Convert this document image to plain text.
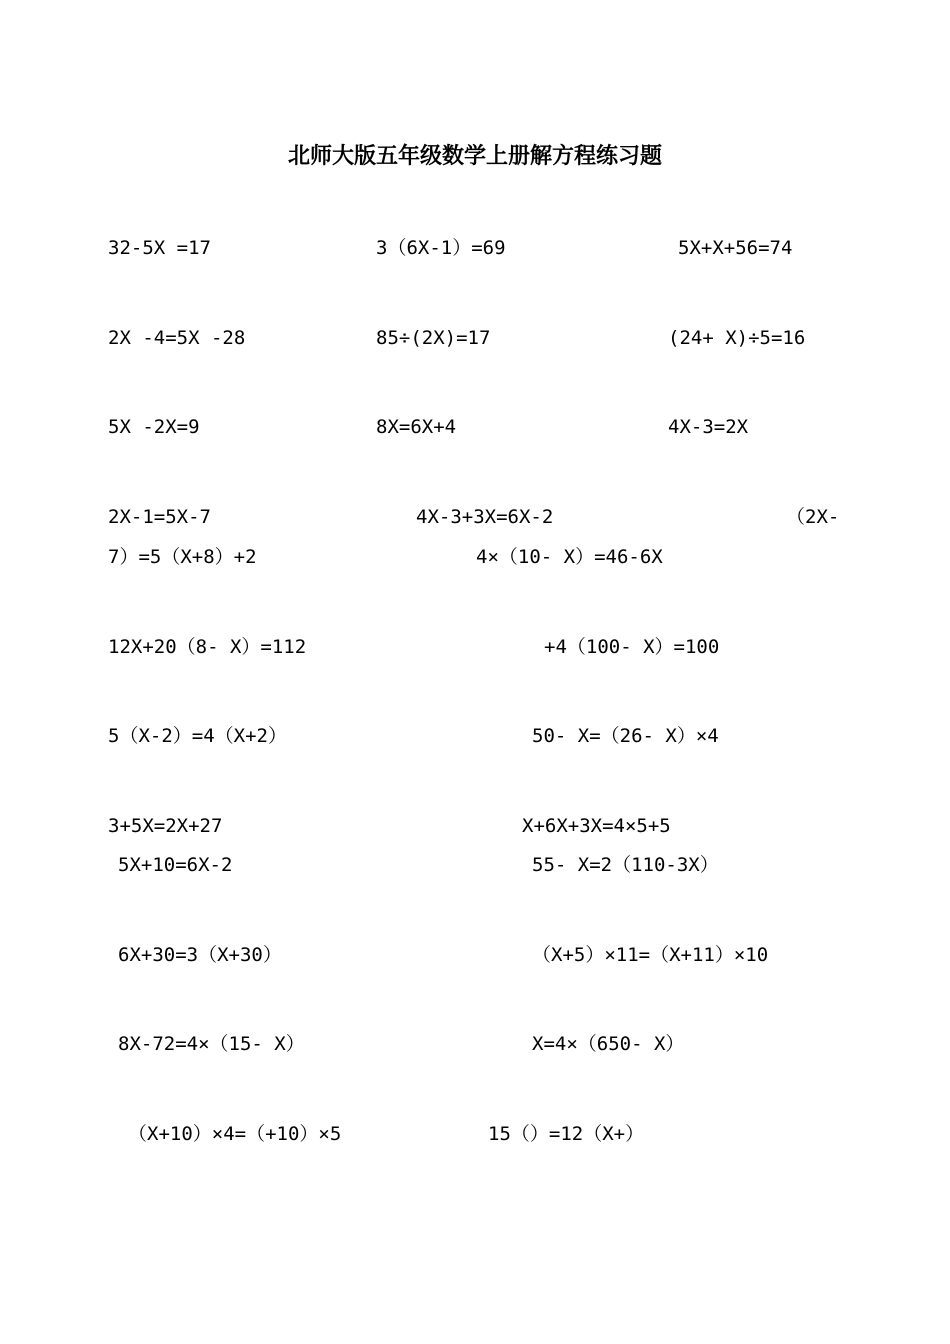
北师大版五年级数学上册解方程练习题
32-5X =17	3（6X-1）=69	5X+X+56=74
2X -4=5X -28	85÷(2X)=17	(24+ X)÷5=16
5X -2X=9	8X=6X+4	4X-3=2X
2X-1=5X-7	4X-3+3X=6X-2	（2X-
7）=5（X+8）+2	4×（10- X）=46-6X
12X+20（8- X）=112	+4（100- X）=100
5（X-2）=4（X+2）	50- X=（26- X）×4
3+5X=2X+27	X+6X+3X=4×5+5
5X+10=6X-2	55- X=2（110-3X）
6X+30=3（X+30）	（X+5）×11=（X+11）×10
8X-72=4×（15- X）	X=4×（650- X）
（X+10）×4=（+10）×5	15（）=12（X+）
